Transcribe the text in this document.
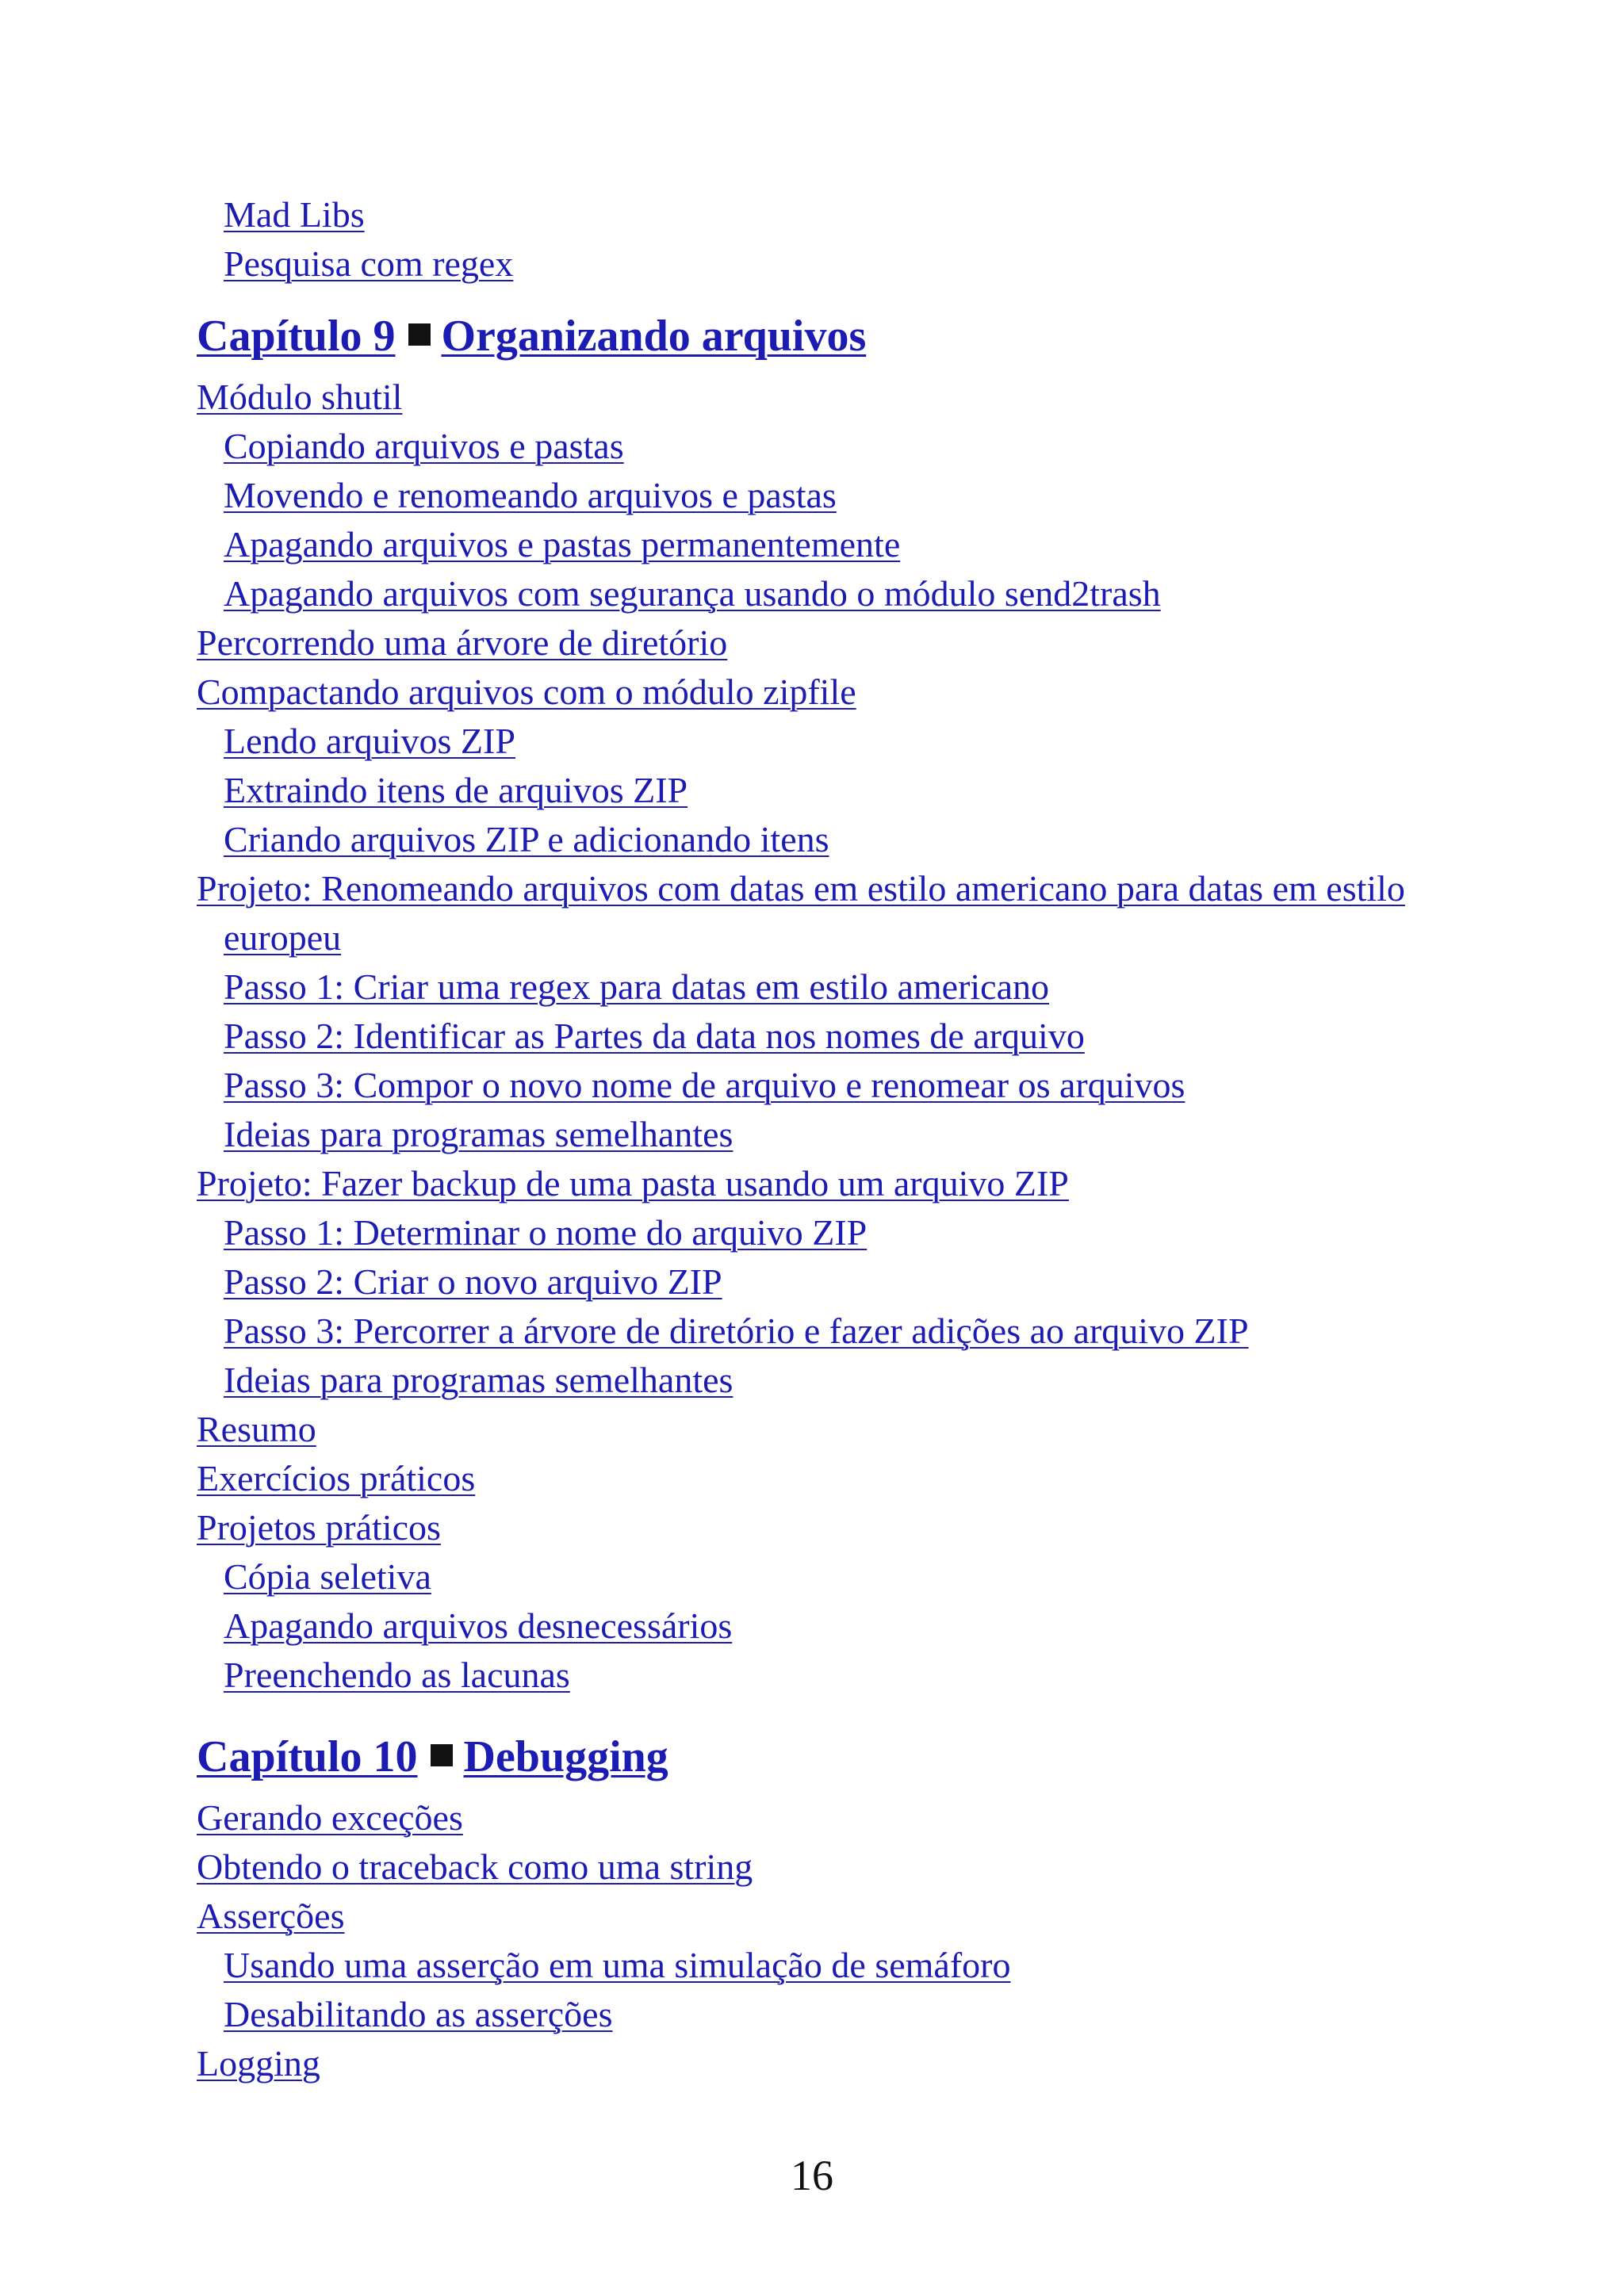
Mad Libs
Pesquisa com regex
Capítulo 9 Organizando arquivos
Módulo shutil
Copiando arquivos e pastas
Movendo e renomeando arquivos e pastas
Apagando arquivos e pastas permanentemente
Apagando arquivos com segurança usando o módulo send2trash
Percorrendo uma árvore de diretório
Compactando arquivos com o módulo zipfile
Lendo arquivos ZIP
Extraindo itens de arquivos ZIP
Criando arquivos ZIP e adicionando itens
Projeto: Renomeando arquivos com datas em estilo americano para datas em estilo europeu
Passo 1: Criar uma regex para datas em estilo americano
Passo 2: Identificar as Partes da data nos nomes de arquivo
Passo 3: Compor o novo nome de arquivo e renomear os arquivos
Ideias para programas semelhantes
Projeto: Fazer backup de uma pasta usando um arquivo ZIP
Passo 1: Determinar o nome do arquivo ZIP
Passo 2: Criar o novo arquivo ZIP
Passo 3: Percorrer a árvore de diretório e fazer adições ao arquivo ZIP
Ideias para programas semelhantes
Resumo
Exercícios práticos
Projetos práticos
Cópia seletiva
Apagando arquivos desnecessários
Preenchendo as lacunas
Capítulo 10 Debugging
Gerando exceções
Obtendo o traceback como uma string
Asserções
Usando uma asserção em uma simulação de semáforo
Desabilitando as asserções
Logging
16
